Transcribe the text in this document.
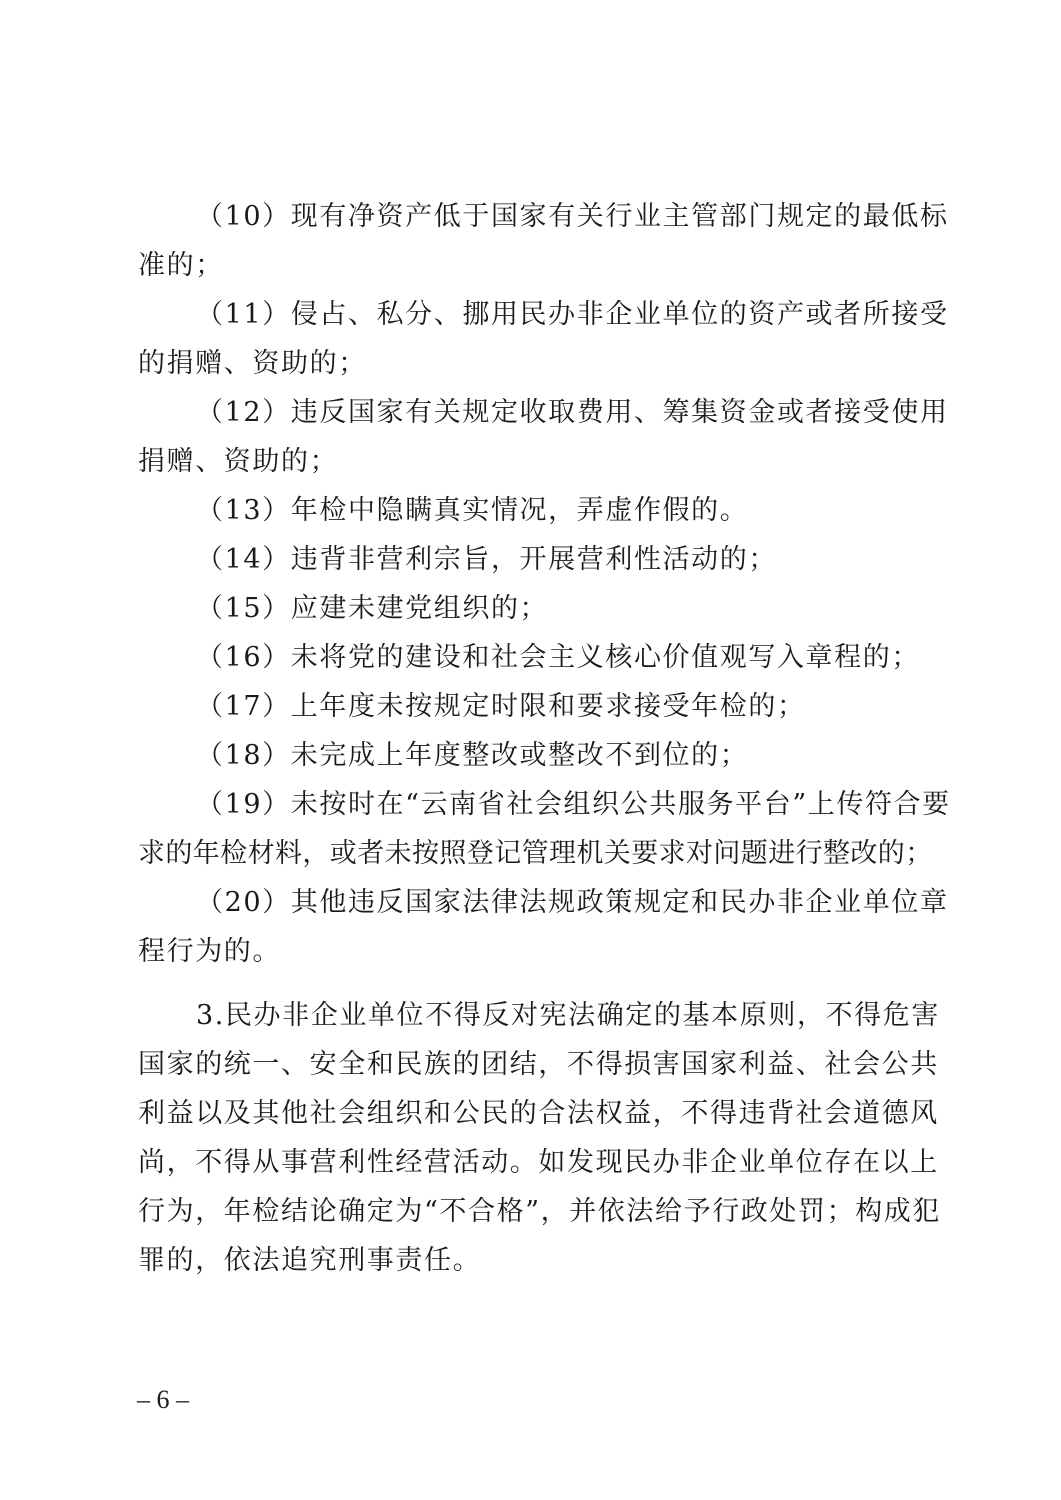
（10）现有净资产低于国家有关行业主管部门规定的最低标
准的；
（11）侵占、私分、挪用民办非企业单位的资产或者所接受
的捐赠、资助的；
（12）违反国家有关规定收取费用、筹集资金或者接受使用
捐赠、资助的；
（13）年检中隐瞒真实情况，弄虚作假的。
（14）违背非营利宗旨，开展营利性活动的；
（15）应建未建党组织的；
（16）未将党的建设和社会主义核心价值观写入章程的；
（17）上年度未按规定时限和要求接受年检的；
（18）未完成上年度整改或整改不到位的；
（19）未按时在“云南省社会组织公共服务平台”上传符合要
求的年检材料，或者未按照登记管理机关要求对问题进行整改的；
（20）其他违反国家法律法规政策规定和民办非企业单位章
程行为的。
3.民办非企业单位不得反对宪法确定的基本原则，不得危害
国家的统一、安全和民族的团结，不得损害国家利益、社会公共
利益以及其他社会组织和公民的合法权益，不得违背社会道德风
尚，不得从事营利性经营活动。如发现民办非企业单位存在以上
行为，年检结论确定为“不合格”，并依法给予行政处罚；构成犯
罪的，依法追究刑事责任。
– 6 –
